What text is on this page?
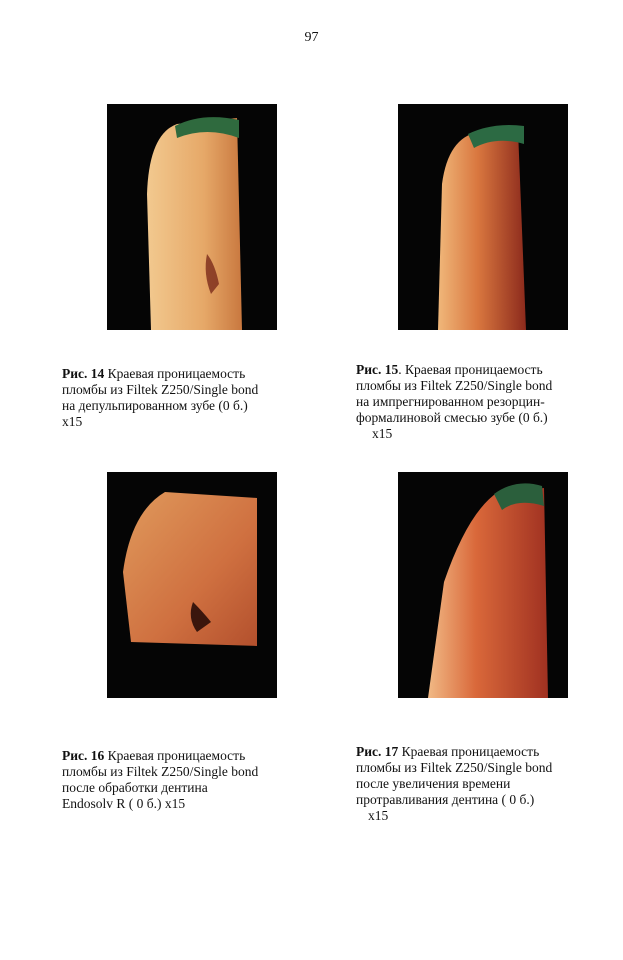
97
Рис. 14 Краевая проницаемость
пломбы из Filtek Z250/Single bond
на депульпированном зубе (0 б.)
x15
Рис. 15. Краевая проницаемость
пломбы из Filtek Z250/Single bond
на импрегнированном резорцин-
формалиновой смесью зубе (0 б.)
x15
Рис. 16 Краевая проницаемость
пломбы из Filtek Z250/Single bond
после обработки дентина
Endosolv R ( 0 б.) x15
Рис. 17 Краевая проницаемость
пломбы из Filtek Z250/Single bond
после увеличения времени
протравливания дентина ( 0 б.)
x15
